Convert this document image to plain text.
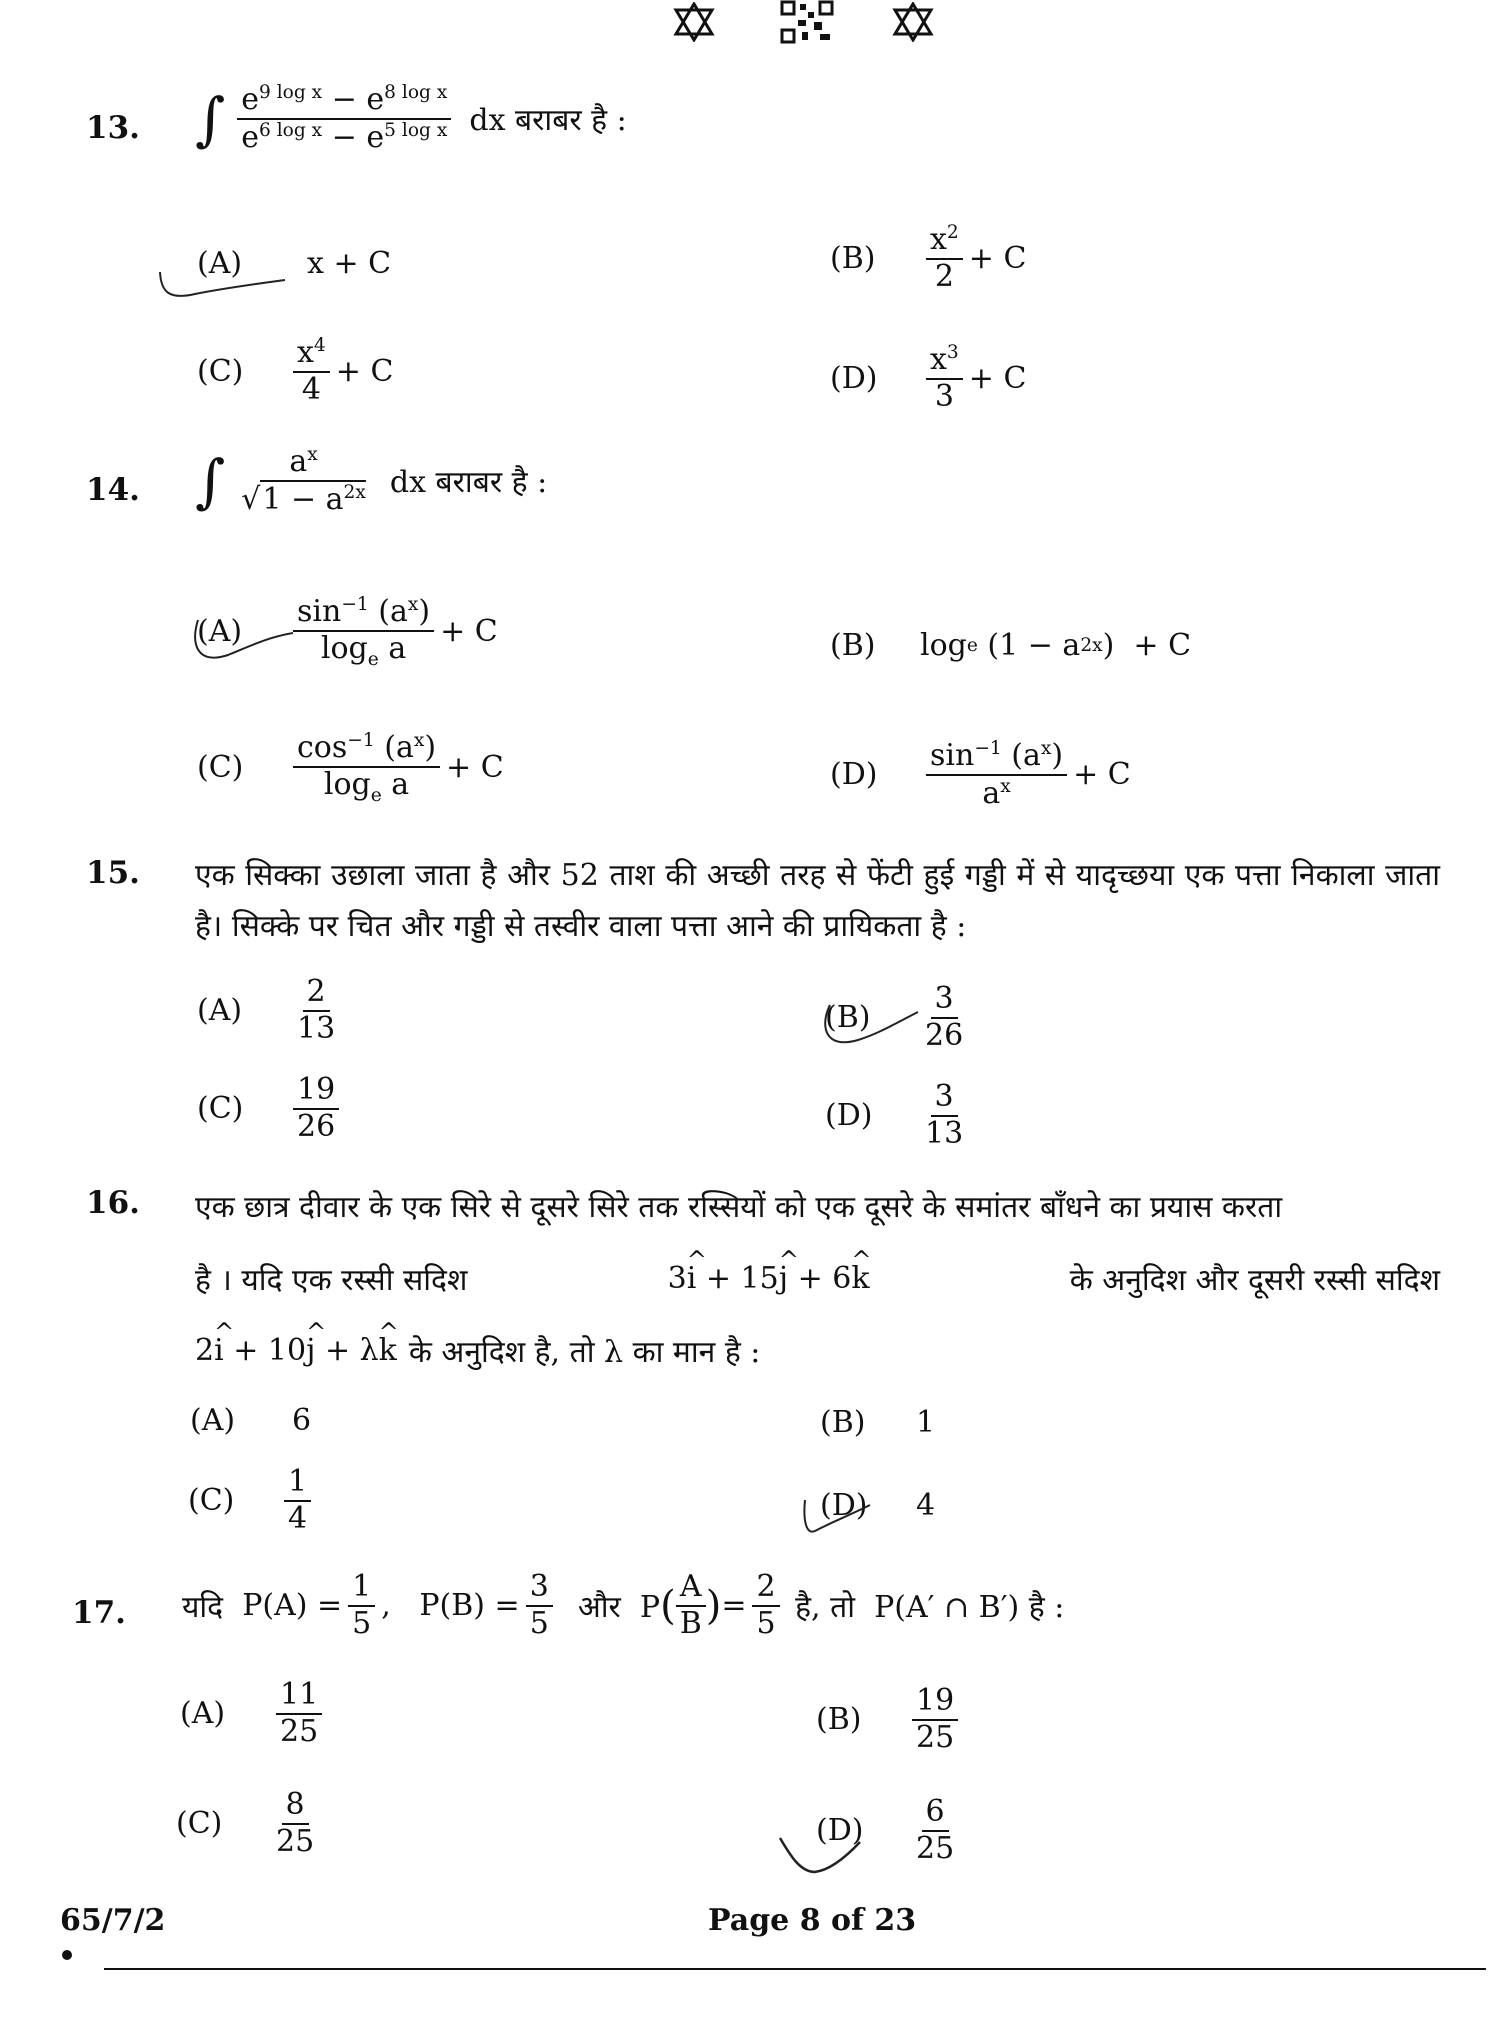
13. ∫ $\frac{e^{9 log x} - e^{8 log x}}{e^{6 log x} - e^{5 log x}}$ dx बराबर है :
(A)	x + C	(B)	$\frac{x^2}{2} + C$
(C)	$\frac{x^4}{4} + C$	(D)	$\frac{x^3}{3} + C$
14. ∫ $\frac{a^x}{√1 - a^{2x}}$ dx बराबर है :
(A)	$\frac{\sin^{-1} (a^x)}{\log_e a} + C$	(B)	log e (1 − a 2x )  + C
(C)	$\frac{\cos^{-1} (a^x)}{\log_e a} + C$	(D)	$\frac{\sin^{-1} (a^x)}{a^x} + C$
15. एक सिक्का उछाला जाता है और 52 ताश की अच्छी तरह से फेंटी हुई गड्डी में से यादृच्छया एक पत्ता निकाला जाता है। सिक्के पर चित और गड्डी से तस्वीर वाला पत्ता आने की प्रायिकता है :
(A)	$\frac{2}{13}$	(B)	$\frac{3}{26}$
(C)	$\frac{19}{26}$	(D)	$\frac{3}{13}$
16. एक छात्र दीवार के एक सिरे से दूसरे सिरे तक रस्सियों को एक दूसरे के समांतर बाँधने का प्रयास करता
है । यदि एक रस्सी सदिश	3^ i + 15^ j + 6^ k	के अनुदिश और दूसरी रस्सी सदिश
2^ i + 10^ j + λ^ k के अनुदिश है, तो λ का मान है :
(A)	6	(B)	1
(C)	$\frac{1}{4}$	(D)	4
17. यदि
$P(A) = \frac{1}{5}$ ,   $P(B) = \frac{3}{5}$
और  P ( $\frac{A}{B}$ ) = $\frac{2}{5}$
है, तो  P(A′ ∩ B′) है :
(A)	$\frac{11}{25}$	(B)	$\frac{19}{25}$
(C)	$\frac{8}{25}$	(D)	$\frac{6}{25}$
65/7/2	Page 8 of 23
